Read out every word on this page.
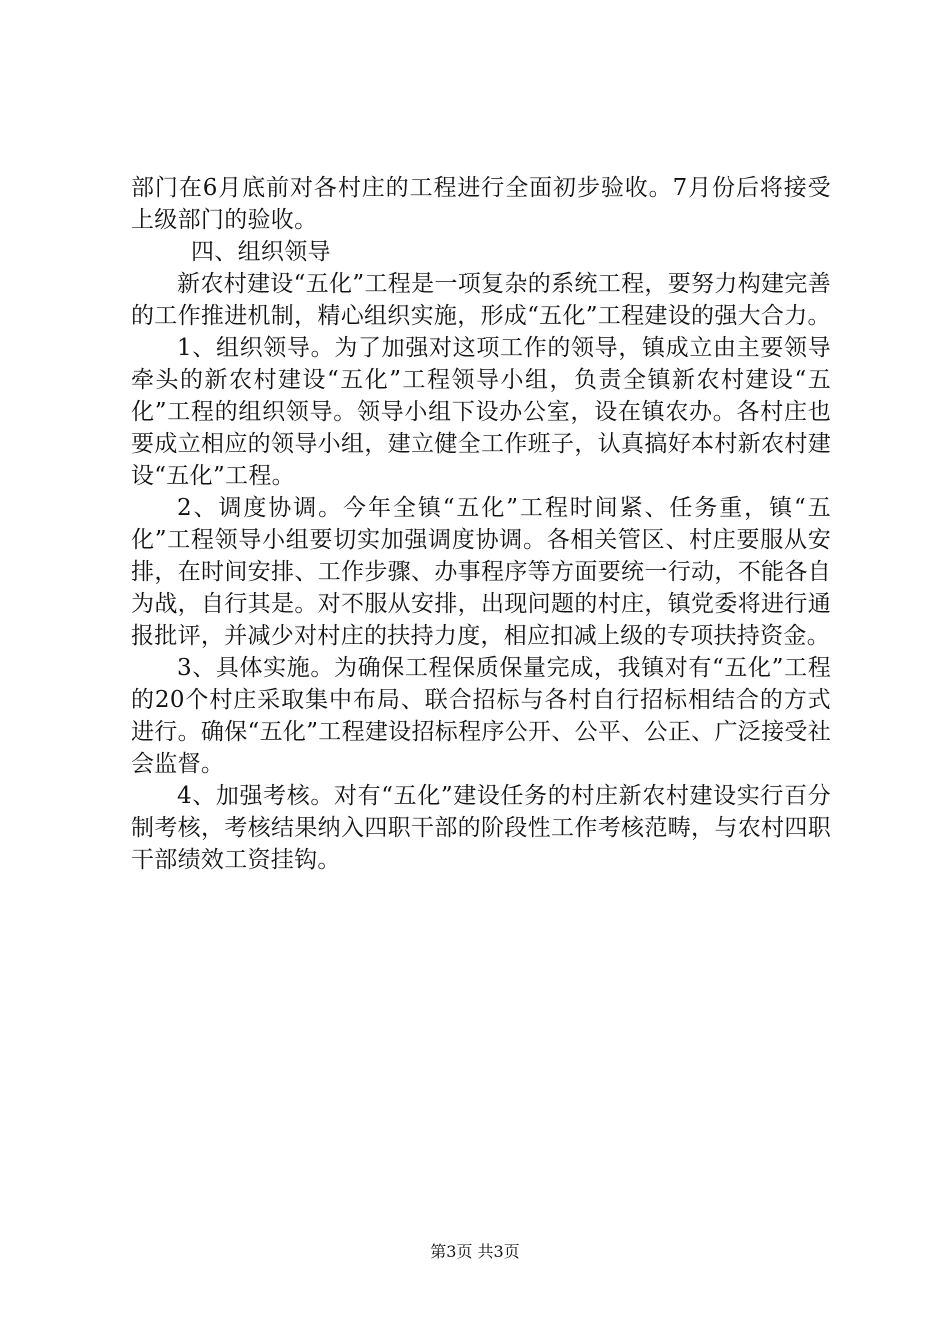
部门在6月底前对各村庄的工程进行全面初步验收。7月份后将接受上级部门的验收。

四、组织领导

新农村建设“五化”工程是一项复杂的系统工程，要努力构建完善的工作推进机制，精心组织实施，形成“五化”工程建设的强大合力。

1、组织领导。为了加强对这项工作的领导，镇成立由主要领导牵头的新农村建设“五化”工程领导小组，负责全镇新农村建设“五化”工程的组织领导。领导小组下设办公室，设在镇农办。各村庄也要成立相应的领导小组，建立健全工作班子，认真搞好本村新农村建设“五化”工程。

2、调度协调。今年全镇“五化”工程时间紧、任务重，镇“五化”工程领导小组要切实加强调度协调。各相关管区、村庄要服从安排，在时间安排、工作步骤、办事程序等方面要统一行动，不能各自为战，自行其是。对不服从安排，出现问题的村庄，镇党委将进行通报批评，并减少对村庄的扶持力度，相应扣减上级的专项扶持资金。

3、具体实施。为确保工程保质保量完成，我镇对有“五化”工程的20个村庄采取集中布局、联合招标与各村自行招标相结合的方式进行。确保“五化”工程建设招标程序公开、公平、公正、广泛接受社会监督。

4、加强考核。对有“五化”建设任务的村庄新农村建设实行百分制考核，考核结果纳入四职干部的阶段性工作考核范畴，与农村四职干部绩效工资挂钩。

第3页 共3页
